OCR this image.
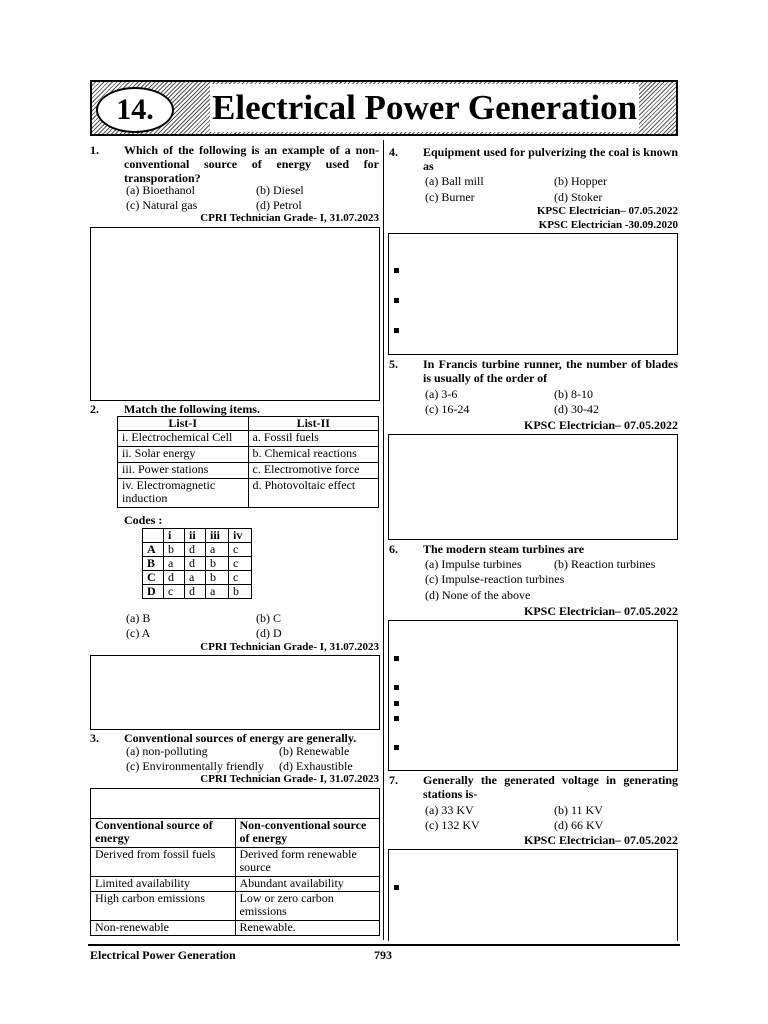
14.	Electrical Power Generation
1. Which of the following is an example of a non-conventional source of energy used for transporation?
(a) Bioethanol	(b) Diesel
(c) Natural gas	(d) Petrol
CPRI Technician Grade- I, 31.07.2023
2. Match the following items.
List-I	List-II
i. Electrochemical Cell	a. Fossil fuels
ii. Solar energy	b. Chemical reactions
iii. Power stations	c. Electromotive force
iv. Electromagnetic induction	d. Photovoltaic effect
Codes :
	i	ii	iii	iv
A	b	d	a	c
B	a	d	b	c
C	d	a	b	c
D	c	d	a	b
(a) B	(b) C
(c) A	(d) D
CPRI Technician Grade- I, 31.07.2023
3. Conventional sources of energy are generally.
(a) non-polluting	(b) Renewable
(c) Environmentally friendly (d) Exhaustible
CPRI Technician Grade- I, 31.07.2023
Conventional source of energy	Non-conventional source of energy
Derived from fossil fuels	Derived form renewable source
Limited availability	Abundant availability
High carbon emissions	Low or zero carbon emissions
Non-renewable	Renewable.
4. Equipment used for pulverizing the coal is known as
(a) Ball mill	(b) Hopper
(c) Burner	(d) Stoker
KPSC Electrician– 07.05.2022
KPSC Electrician -30.09.2020
5. In Francis turbine runner, the number of blades is usually of the order of
(a) 3-6	(b) 8-10
(c) 16-24	(d) 30-42
KPSC Electrician– 07.05.2022
6. The modern steam turbines are
(a) Impulse turbines	(b) Reaction turbines
(c) Impulse-reaction turbines
(d) None of the above
KPSC Electrician– 07.05.2022
7. Generally the generated voltage in generating stations is-
(a) 33 KV	(b) 11 KV
(c) 132 KV	(d) 66 KV
KPSC Electrician– 07.05.2022
Electrical Power Generation	793
